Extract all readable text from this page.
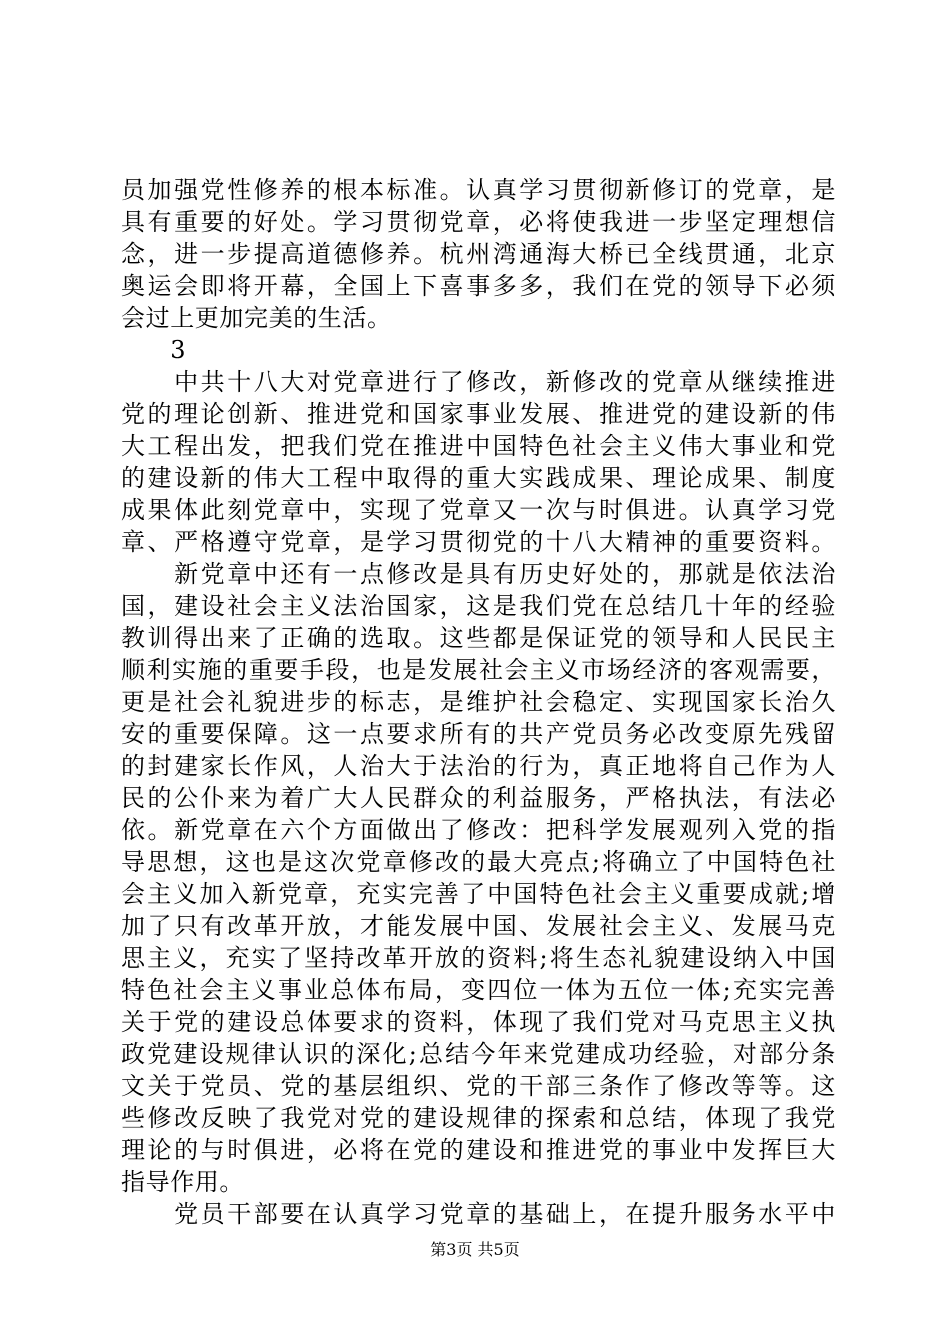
员加强党性修养的根本标准。认真学习贯彻新修订的党章，是
具有重要的好处。学习贯彻党章，必将使我进一步坚定理想信
念，进一步提高道德修养。杭州湾通海大桥已全线贯通，北京
奥运会即将开幕，全国上下喜事多多，我们在党的领导下必须
会过上更加完美的生活。
　　3
　　中共十八大对党章进行了修改，新修改的党章从继续推进
党的理论创新、推进党和国家事业发展、推进党的建设新的伟
大工程出发，把我们党在推进中国特色社会主义伟大事业和党
的建设新的伟大工程中取得的重大实践成果、理论成果、制度
成果体此刻党章中，实现了党章又一次与时俱进。认真学习党
章、严格遵守党章，是学习贯彻党的十八大精神的重要资料。
　　新党章中还有一点修改是具有历史好处的，那就是依法治
国，建设社会主义法治国家，这是我们党在总结几十年的经验
教训得出来了正确的选取。这些都是保证党的领导和人民民主
顺利实施的重要手段，也是发展社会主义市场经济的客观需要，
更是社会礼貌进步的标志，是维护社会稳定、实现国家长治久
安的重要保障。这一点要求所有的共产党员务必改变原先残留
的封建家长作风，人治大于法治的行为，真正地将自己作为人
民的公仆来为着广大人民群众的利益服务，严格执法，有法必
依。新党章在六个方面做出了修改：把科学发展观列入党的指
导思想，这也是这次党章修改的最大亮点;将确立了中国特色社
会主义加入新党章，充实完善了中国特色社会主义重要成就;增
加了只有改革开放，才能发展中国、发展社会主义、发展马克
思主义，充实了坚持改革开放的资料;将生态礼貌建设纳入中国
特色社会主义事业总体布局，变四位一体为五位一体;充实完善
关于党的建设总体要求的资料，体现了我们党对马克思主义执
政党建设规律认识的深化;总结今年来党建成功经验，对部分条
文关于党员、党的基层组织、党的干部三条作了修改等等。这
些修改反映了我党对党的建设规律的探索和总结，体现了我党
理论的与时俱进，必将在党的建设和推进党的事业中发挥巨大
指导作用。
　　党员干部要在认真学习党章的基础上，在提升服务水平中
第3页 共5页
